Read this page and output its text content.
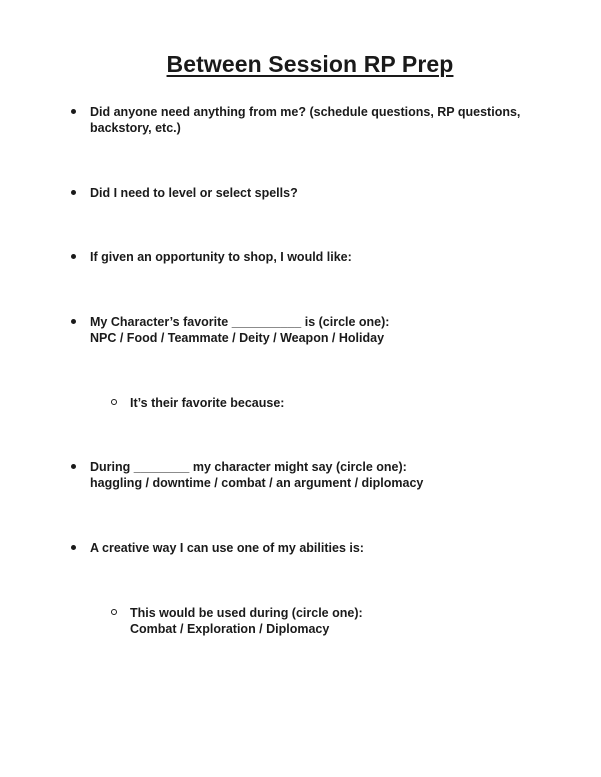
Between Session RP Prep
Did anyone need anything from me? (schedule questions, RP questions,
backstory, etc.)
Did I need to level or select spells?
If given an opportunity to shop, I would like:
My Character’s favorite __________ is (circle one):
NPC / Food / Teammate / Deity / Weapon / Holiday
It’s their favorite because:
During ________ my character might say (circle one):
haggling / downtime / combat / an argument / diplomacy
A creative way I can use one of my abilities is:
This would be used during (circle one):
Combat / Exploration / Diplomacy
